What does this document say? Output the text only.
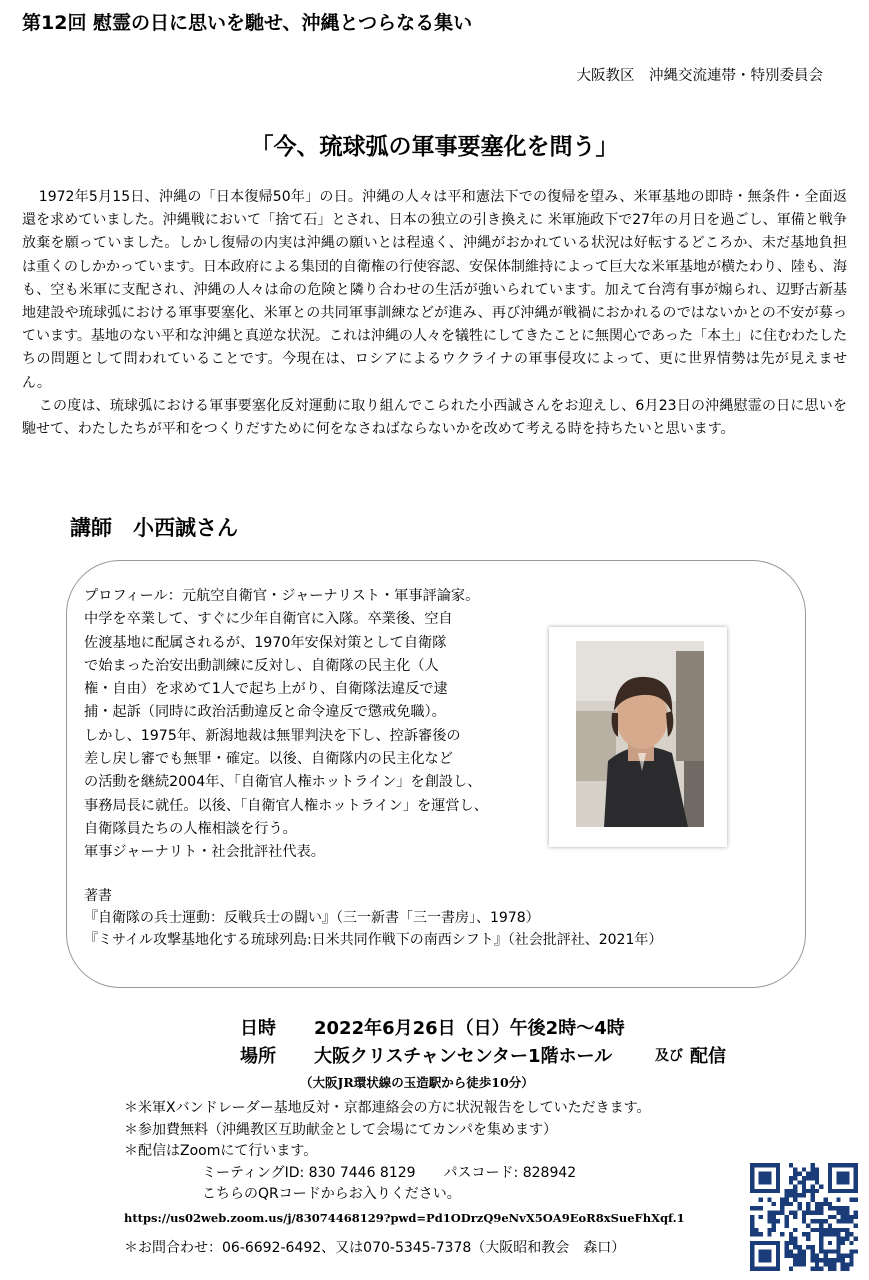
第12回 慰霊の日に思いを馳せ、沖縄とつらなる集い
大阪教区　沖縄交流連帯・特別委員会
「今、琉球弧の軍事要塞化を問う」

1972年5月15日、沖縄の「日本復帰50年」の日。沖縄の人々は平和憲法下での復帰を望み、米軍基地の即時・無条件・全面返還を求めていました。沖縄戦において「捨て石」とされ、日本の独立の引き換えに 米軍施政下で27年の月日を過ごし、軍備と戦争放棄を願っていました。しかし復帰の内実は沖縄の願いとは程遠く、沖縄がおかれている状況は好転するどころか、未だ基地負担は重くのしかかっています。日本政府による集団的自衛権の行使容認、安保体制維持によって巨大な米軍基地が横たわり、陸も、海も、空も米軍に支配され、沖縄の人々は命の危険と隣り合わせの生活が強いられています。加えて台湾有事が煽られ、辺野古新基地建設や琉球弧における軍事要塞化、米軍との共同軍事訓練などが進み、再び沖縄が戦禍におかれるのではないかとの不安が募っています。基地のない平和な沖縄と真逆な状況。これは沖縄の人々を犠牲にしてきたことに無関心であった「本土」に住むわたしたちの問題として問われていることです。今現在は、ロシアによるウクライナの軍事侵攻によって、更に世界情勢は先が見えません。

この度は、琉球弧における軍事要塞化反対運動に取り組んでこられた小西誠さんをお迎えし、6月23日の沖縄慰霊の日に思いを馳せて、わたしたちが平和をつくりだすために何をなさねばならないかを改めて考える時を持ちたいと思います。

講師　小西誠さん
プロフィール：元航空自衛官・ジャーナリスト・軍事評論家。
中学を卒業して、すぐに少年自衛官に入隊。卒業後、空自
佐渡基地に配属されるが、1970年安保対策として自衛隊
で始まった治安出動訓練に反対し、自衛隊の民主化（人
権・自由）を求めて1人で起ち上がり、自衛隊法違反で逮
捕・起訴（同時に政治活動違反と命令違反で懲戒免職）。
しかし、1975年、新潟地裁は無罪判決を下し、控訴審後の
差し戻し審でも無罪・確定。以後、自衛隊内の民主化など
の活動を継続2004年、「自衛官人権ホットライン」を創設し、
事務局長に就任。以後、「自衛官人権ホットライン」を運営し、
自衛隊員たちの人権相談を行う。
軍事ジャーナリト・社会批評社代表。
著書
『自衛隊の兵士運動：反戦兵士の闘い』（三一新書「三一書房」、1978）
『ミサイル攻撃基地化する琉球列島:日米共同作戦下の南西シフト』（社会批評社、2021年）
日時 2022年6月26日（日）午後2時～4時
場所 大阪クリスチャンセンター1階ホール	及び 配信
（大阪JR環状線の玉造駅から徒歩10分）
＊米軍Xバンドレーダー基地反対・京都連絡会の方に状況報告をしていただきます。
＊参加費無料（沖縄教区互助献金として会場にてカンパを集めます）
＊配信はZoomにて行います。
ミーティングID: 830 7446 8129　　パスコード: 828942
こちらのQRコードからお入りください。
https://us02web.zoom.us/j/83074468129?pwd=Pd1ODrzQ9eNvX5OA9EoR8xSueFhXqf.1
＊お問合わせ：06-6692-6492、又は070-5345-7378（大阪昭和教会　森口）
